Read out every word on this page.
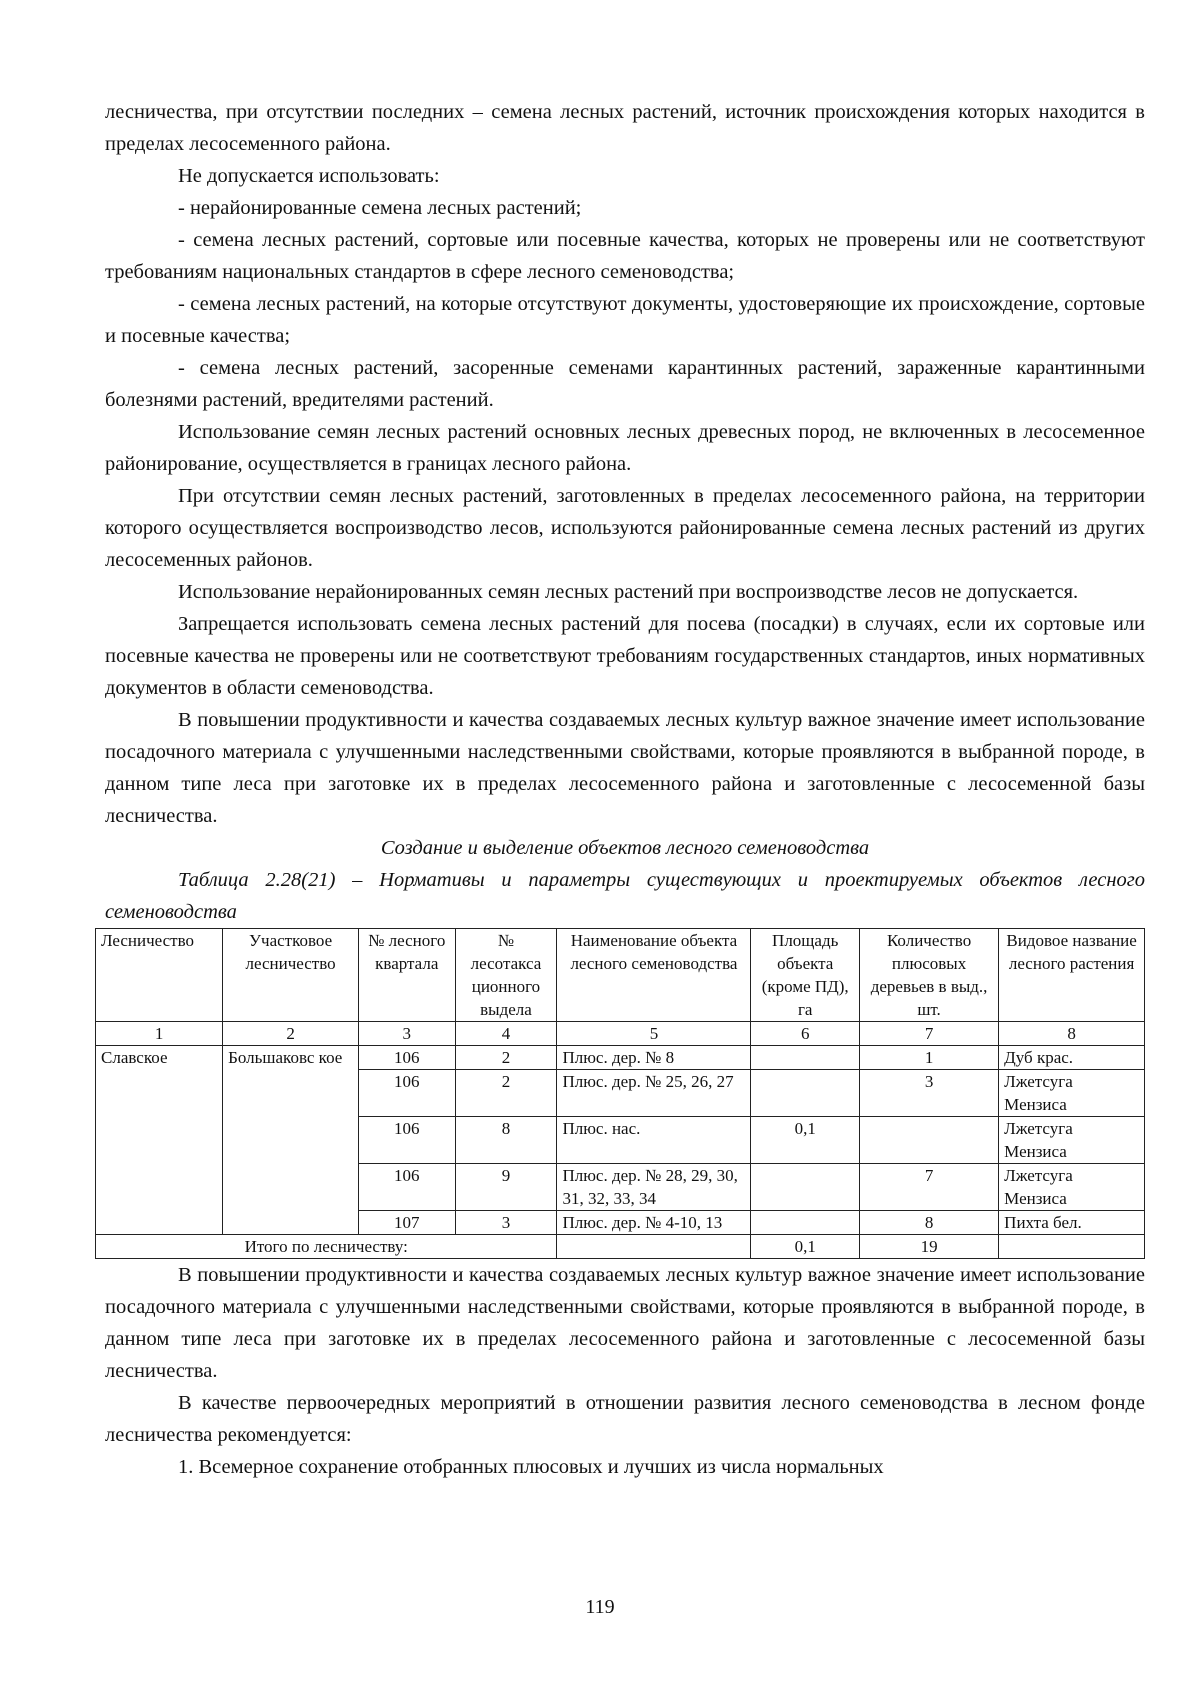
лесничества, при отсутствии последних – семена лесных растений, источник происхождения которых находится в пределах лесосеменного района.

Не допускается использовать:

- нерайонированные семена лесных растений;

- семена лесных растений, сортовые или посевные качества, которых не проверены или не соответствуют требованиям национальных стандартов в сфере лесного семеноводства;

- семена лесных растений, на которые отсутствуют документы, удостоверяющие их происхождение, сортовые и посевные качества;

- семена лесных растений, засоренные семенами карантинных растений, зараженные карантинными болезнями растений, вредителями растений.

Использование семян лесных растений основных лесных древесных пород, не включенных в лесосеменное районирование, осуществляется в границах лесного района.

При отсутствии семян лесных растений, заготовленных в пределах лесосеменного района, на территории которого осуществляется воспроизводство лесов, используются районированные семена лесных растений из других лесосеменных районов.

Использование нерайонированных семян лесных растений при воспроизводстве лесов не допускается.

Запрещается использовать семена лесных растений для посева (посадки) в случаях, если их сортовые или посевные качества не проверены или не соответствуют требованиям государственных стандартов, иных нормативных документов в области семеноводства.

В повышении продуктивности и качества создаваемых лесных культур важное значение имеет использование посадочного материала с улучшенными наследственными свойствами, которые проявляются в выбранной породе, в данном типе леса при заготовке их в пределах лесосеменного района и заготовленные с лесосеменной базы лесничества.

Создание и выделение объектов лесного семеноводства

Таблица 2.28(21) – Нормативы и параметры существующих и проектируемых объектов лесного семеноводства

Лесничество	Участковое лесничество	№ лесного квартала	№ лесотакса ционного выдела	Наименование объекта лесного семеноводства	Площадь объекта (кроме ПД), га	Количество плюсовых деревьев в выд., шт.	Видовое название лесного растения
1	2	3	4	5	6	7	8
Славское	Большаковс кое	106	2	Плюс. дер. № 8		1	Дуб крас.
		106	2	Плюс. дер. № 25, 26, 27		3	Лжетсуга Мензиса
		106	8	Плюс. нас.	0,1		Лжетсуга Мензиса
		106	9	Плюс. дер. № 28, 29, 30, 31, 32, 33, 34		7	Лжетсуга Мензиса
		107	3	Плюс. дер. № 4-10, 13		8	Пихта бел.
Итого по лесничеству:					0,1	19	

В повышении продуктивности и качества создаваемых лесных культур важное значение имеет использование посадочного материала с улучшенными наследственными свойствами, которые проявляются в выбранной породе, в данном типе леса при заготовке их в пределах лесосеменного района и заготовленные с лесосеменной базы лесничества.

В качестве первоочередных мероприятий в отношении развития лесного семеноводства в лесном фонде лесничества рекомендуется:

1. Всемерное сохранение отобранных плюсовых и лучших из числа нормальных

119
